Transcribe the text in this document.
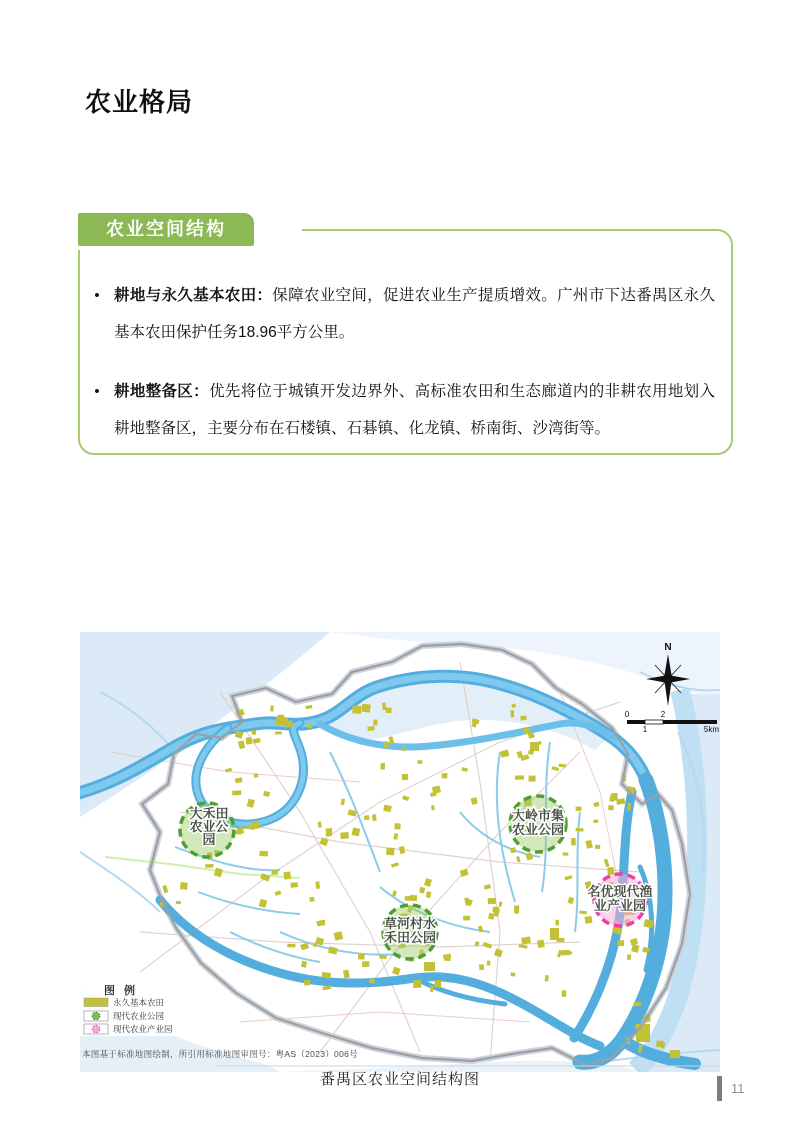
农业格局
农业空间结构
• 耕地与永久基本农田：保障农业空间，促进农业生产提质增效。广州市下达番禺区永久基本农田保护任务18.96平方公里。

• 耕地整备区：优先将位于城镇开发边界外、高标准农田和生态廊道内的非耕农用地划入耕地整备区，主要分布在石楼镇、石碁镇、化龙镇、桥南街、沙湾街等。

大禾田农业公园
大岭市集农业公园
草河村水禾田公园
名优现代渔业产业园
N
0	2
1	5km
图 例
永久基本农田
现代农业公园
现代农业产业园
本图基于标准地图绘制，所引用标准地图审图号：粤AS（2023）006号
番禺区农业空间结构图
11
